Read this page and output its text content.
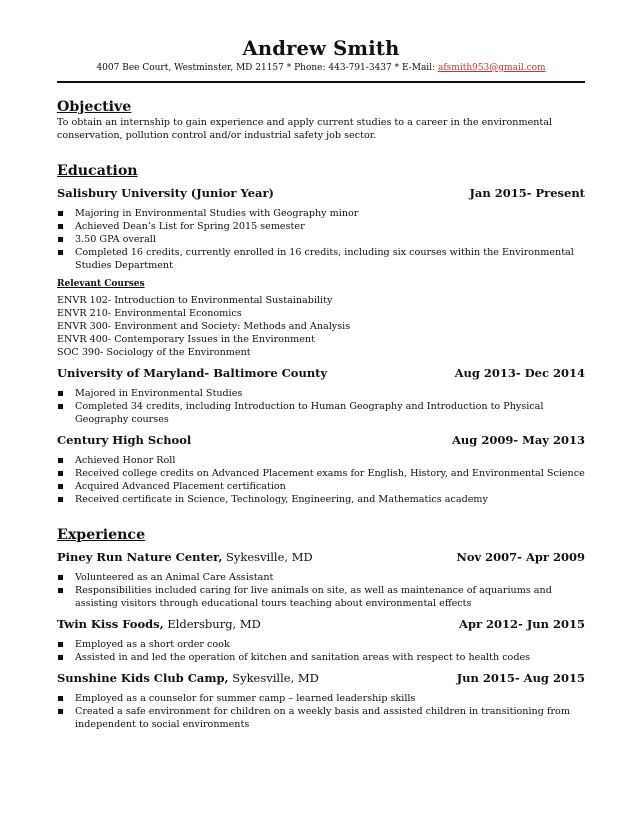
Andrew Smith
4007 Bee Court, Westminster, MD 21157 * Phone: 443-791-3437 * E-Mail: afsmith953@gmail.com
Objective
To obtain an internship to gain experience and apply current studies to a career in the environmental conservation, pollution control and/or industrial safety job sector.
Education
Salisbury University (Junior Year)	Jan 2015- Present
Majoring in Environmental Studies with Geography minor
Achieved Dean’s List for Spring 2015 semester
3.50 GPA overall
Completed 16 credits, currently enrolled in 16 credits, including six courses within the Environmental Studies Department
Relevant Courses
ENVR 102- Introduction to Environmental Sustainability
ENVR 210- Environmental Economics
ENVR 300- Environment and Society: Methods and Analysis
ENVR 400- Contemporary Issues in the Environment
SOC 390- Sociology of the Environment
University of Maryland- Baltimore County	Aug 2013- Dec 2014
Majored in Environmental Studies
Completed 34 credits, including Introduction to Human Geography and Introduction to Physical Geography courses
Century High School	Aug 2009- May 2013
Achieved Honor Roll
Received college credits on Advanced Placement exams for English, History, and Environmental Science
Acquired Advanced Placement certification
Received certificate in Science, Technology, Engineering, and Mathematics academy
Experience
Piney Run Nature Center, Sykesville, MD	Nov 2007- Apr 2009
Volunteered as an Animal Care Assistant
Responsibilities included caring for live animals on site, as well as maintenance of aquariums and assisting visitors through educational tours teaching about environmental effects
Twin Kiss Foods, Eldersburg, MD	Apr 2012- Jun 2015
Employed as a short order cook
Assisted in and led the operation of kitchen and sanitation areas with respect to health codes
Sunshine Kids Club Camp, Sykesville, MD	Jun 2015- Aug 2015
Employed as a counselor for summer camp – learned leadership skills
Created a safe environment for children on a weekly basis and assisted children in transitioning from independent to social environments
